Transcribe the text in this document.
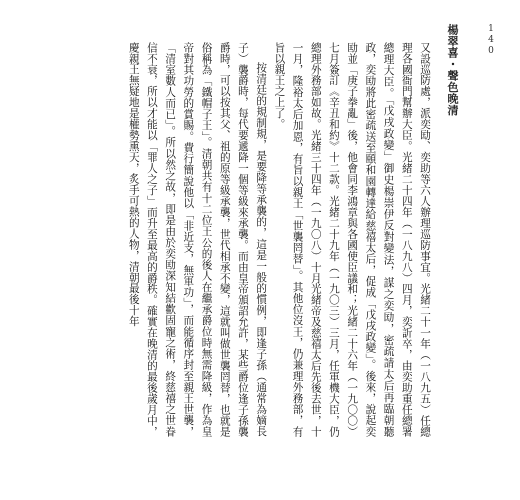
楊翠喜・聲色晚清	140

又設巡防處，派奕劻、奕助等六人辦理巡防事宜。光緒二十一年（一八九五）任總理各國衙門幫辦大臣。光緒二十四年（一八九八）四月，奕訢卒，由奕助重任總署總理大臣。「戊戌政變」御史楊崇伊反對變法，謀之奕劻，密疏請太后再臨朝聽政，奕劻將此密疏送至頤和園轉達給慈禧太后，促成「戊戌政變」。後來，說起奕劻並「庚子拳亂」後，他會同李鴻章與各國使臣議和；光緒二十六年（一九〇〇）七月簽訂《辛丑和約》十二款。光緒二十九年（一九〇三）三月，任軍機大臣，仍總理外務部如故。光緒三十四年（一九〇八）十月光緒帝及慈禧太后先後去世，十一月，隆裕太后加恩，有旨以親王「世襲罔替」。其他位沒王，仍兼理外務部，有旨以親王之上了。

按清廷的規制規，是要降等承襲的，這是一般的慣例，即逢子孫（通常為嫡長子）襲爵時，每代要遞降一個等級來承襲。而由皇帝頒詔允許，某些爵位逢子孫襲爵時，可以按其父、祖的原等級承襲，世代相承不變，這就叫做世襲罔替，也就是俗稱為「鐵帽子王」。清朝共有十二位王公的後人在繼承爵位時無需降級，作為皇帝對其功勞的賞賜。費行簡說他以「非近支，無軍功」，而能循序封至親王世襲，「清室數人而已」。所以然之故，即是由於奕劻深知結歡固寵之術，終慈禧之世眷信不衰，所以才能以「罪人之子」而升至最高的爵秩。確實在晚清的最後歲月中，慶親王無疑地是權勢熏天，炙手可熱的人物，清朝最後十年
